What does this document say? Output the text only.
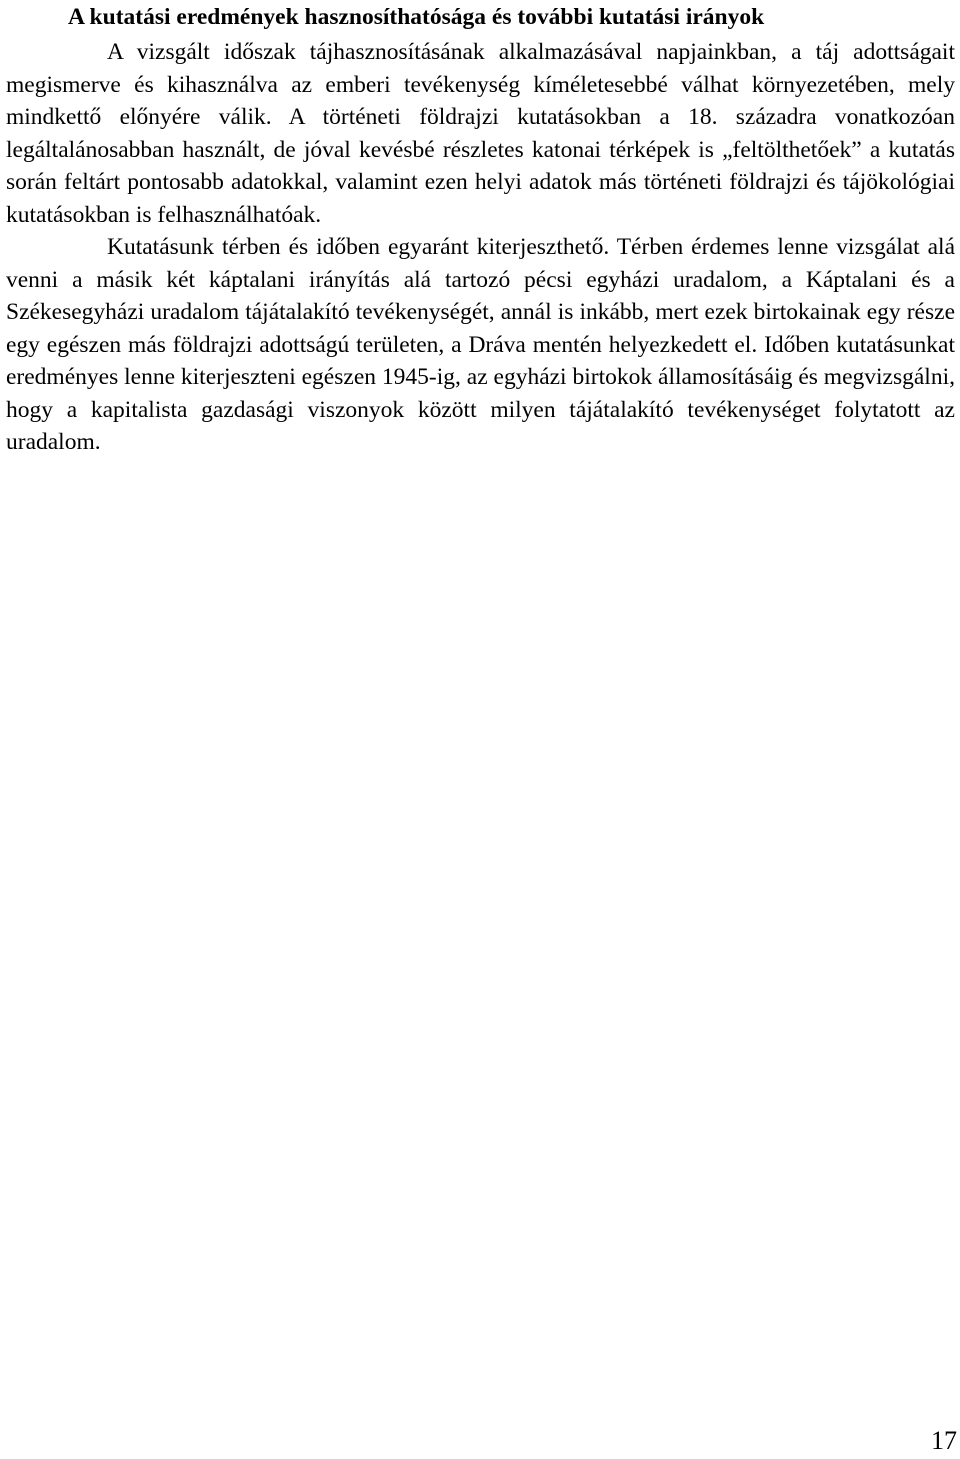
A kutatási eredmények hasznosíthatósága és további kutatási irányok

A vizsgált időszak tájhasznosításának alkalmazásával napjainkban, a táj adottságait megismerve és kihasználva az emberi tevékenység kíméletesebbé válhat környezetében, mely mindkettő előnyére válik. A történeti földrajzi kutatásokban a 18. századra vonatkozóan legáltalánosabban használt, de jóval kevésbé részletes katonai térképek is „feltölthetőek” a kutatás során feltárt pontosabb adatokkal, valamint ezen helyi adatok más történeti földrajzi és tájökológiai kutatásokban is felhasználhatóak.

Kutatásunk térben és időben egyaránt kiterjeszthető. Térben érdemes lenne vizsgálat alá venni a másik két káptalani irányítás alá tartozó pécsi egyházi uradalom, a Káptalani és a Székesegyházi uradalom tájátalakító tevékenységét, annál is inkább, mert ezek birtokainak egy része egy egészen más földrajzi adottságú területen, a Dráva mentén helyezkedett el. Időben kutatásunkat eredményes lenne kiterjeszteni egészen 1945-ig, az egyházi birtokok államosításáig és megvizsgálni, hogy a kapitalista gazdasági viszonyok között milyen tájátalakító tevékenységet folytatott az uradalom.

17
